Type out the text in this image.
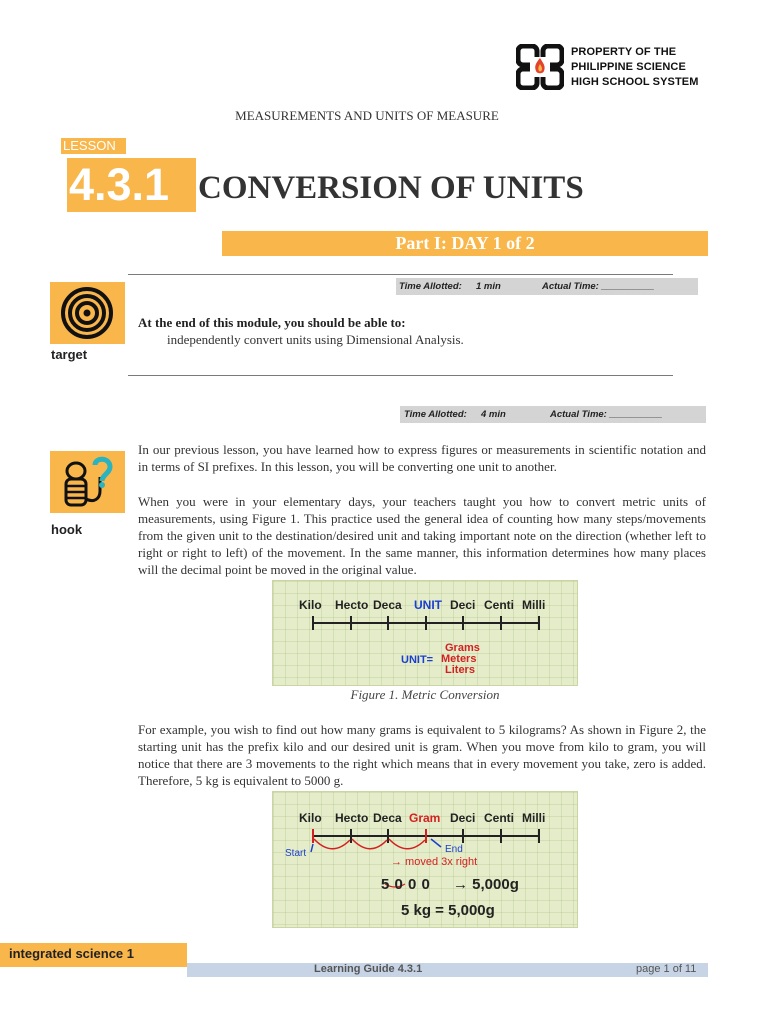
PROPERTY OF THE
PHILIPPINE SCIENCE
HIGH SCHOOL SYSTEM
MEASUREMENTS AND UNITS OF MEASURE
LESSON
4.3.1 CONVERSION OF UNITS
Part I: DAY 1 of 2
Time Allotted: 1 min	Actual Time: __________
target
At the end of this module, you should be able to:
independently convert units using Dimensional Analysis.
Time Allotted: 4 min	Actual Time: __________
hook
In our previous lesson, you have learned how to express figures or measurements in scientific notation and in terms of SI prefixes. In this lesson, you will be converting one unit to another.
When you were in your elementary days, your teachers taught you how to convert metric units of measurements, using Figure 1. This practice used the general idea of counting how many steps/movements from the given unit to the destination/desired unit and taking important note on the direction (whether left to right or right to left) of the movement. In the same manner, this information determines how many places will the decimal point be moved in the original value.
Kilo Hecto Deca UNIT Deci Centi Milli
UNIT=
Grams
Meters
Liters
Figure 1. Metric Conversion
For example, you wish to find out how many grams is equivalent to 5 kilograms? As shown in Figure 2, the starting unit has the prefix kilo and our desired unit is gram. When you move from kilo to gram, you will notice that there are 3 movements to the right which means that in every movement you take, zero is added. Therefore, 5 kg is equivalent to 5000 g.
Kilo Hecto Deca Gram Deci Centi Milli
Start	End
→ moved 3x right
5 0 0 0 → 5,000g
5 kg = 5,000g
integrated science 1
Learning Guide 4.3.1	page 1 of 11
